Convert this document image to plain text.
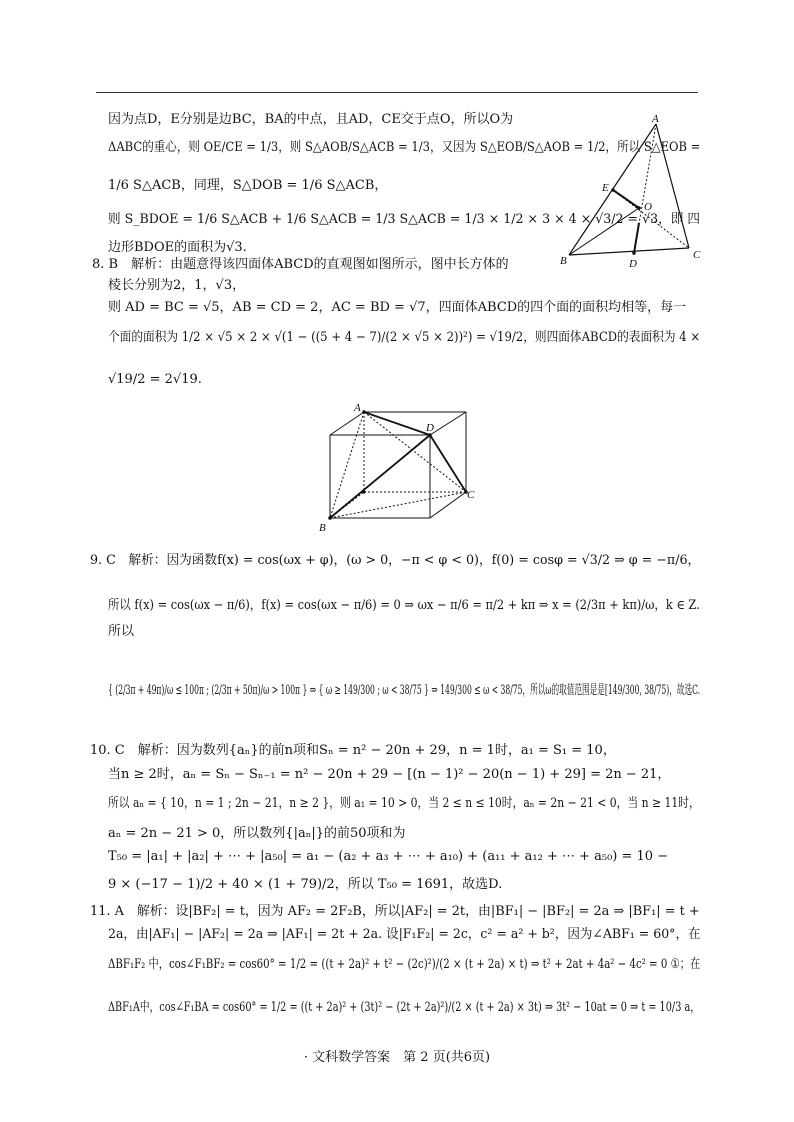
A
E
O
B	D
C
A
D
C
B
因为点D，E分别是边BC，BA的中点，且AD，CE交于点O，所以O为
ΔABC的重心，则 OE/CE = 1/3，则 S△AOB/S△ACB = 1/3，又因为 S△EOB/S△AOB = 1/2，所以 S△EOB =
1/6 S△ACB，同理，S△DOB = 1/6 S△ACB，
则 S_BDOE = 1/6 S△ACB + 1/6 S△ACB = 1/3 S△ACB = 1/3 × 1/2 × 3 × 4 × √3/2 = √3，即 四
边形BDOE的面积为√3.
8. B　解析：由题意得该四面体ABCD的直观图如图所示，图中长方体的
棱长分别为2，1，√3，
则 AD = BC = √5，AB = CD = 2，AC = BD = √7，四面体ABCD的四个面的面积均相等，每一
个面的面积为 1/2 × √5 × 2 × √(1 − ((5 + 4 − 7)/(2 × √5 × 2))²) = √19/2，则四面体ABCD的表面积为 4 ×
√19/2 = 2√19.
9. C　解析：因为函数f(x) = cos(ωx + φ)，(ω > 0，−π < φ < 0)，f(0) = cosφ = √3/2 ⇒ φ = −π/6，
所以 f(x) = cos(ωx − π/6)，f(x) = cos(ωx − π/6) = 0 ⇒ ωx − π/6 = π/2 + kπ ⇒ x = (2/3π + kπ)/ω，k ∈ Z.
所以
{ (2/3π + 49π)/ω ≤ 100π ; (2/3π + 50π)/ω > 100π } ⇒ { ω ≥ 149/300 ; ω < 38/75 } ⇒ 149/300 ≤ ω < 38/75，所以ω的取值范围是是[149/300, 38/75)，故选C.
10. C　解析：因为数列{aₙ}的前n项和Sₙ = n² − 20n + 29，n = 1时，a₁ = S₁ = 10，
当n ≥ 2时，aₙ = Sₙ − Sₙ₋₁ = n² − 20n + 29 − [(n − 1)² − 20(n − 1) + 29] = 2n − 21，
所以 aₙ = { 10，n = 1 ; 2n − 21，n ≥ 2 }，则 a₁ = 10 > 0，当 2 ≤ n ≤ 10时，aₙ = 2n − 21 < 0，当 n ≥ 11时，
aₙ = 2n − 21 > 0，所以数列{|aₙ|}的前50项和为
T₅₀ = |a₁| + |a₂| + ⋯ + |a₅₀| = a₁ − (a₂ + a₃ + ⋯ + a₁₀) + (a₁₁ + a₁₂ + ⋯ + a₅₀) = 10 −
9 × (−17 − 1)/2 + 40 × (1 + 79)/2，所以 T₅₀ = 1691，故选D.
11. A　解析：设|BF₂| = t，因为 AF₂ = 2F₂B，所以|AF₂| = 2t，由|BF₁| − |BF₂| = 2a ⇒ |BF₁| = t +
2a，由|AF₁| − |AF₂| = 2a ⇒ |AF₁| = 2t + 2a. 设|F₁F₂| = 2c，c² = a² + b²，因为∠ABF₁ = 60°，在
ΔBF₁F₂ 中，cos∠F₁BF₂ = cos60° = 1/2 = ((t + 2a)² + t² − (2c)²)/(2 × (t + 2a) × t) ⇒ t² + 2at + 4a² − 4c² = 0 ①；在
ΔBF₁A中，cos∠F₁BA = cos60° = 1/2 = ((t + 2a)² + (3t)² − (2t + 2a)²)/(2 × (t + 2a) × 3t) ⇒ 3t² − 10at = 0 ⇒ t = 10/3 a，
· 文科数学答案　第 2 页(共6页)
